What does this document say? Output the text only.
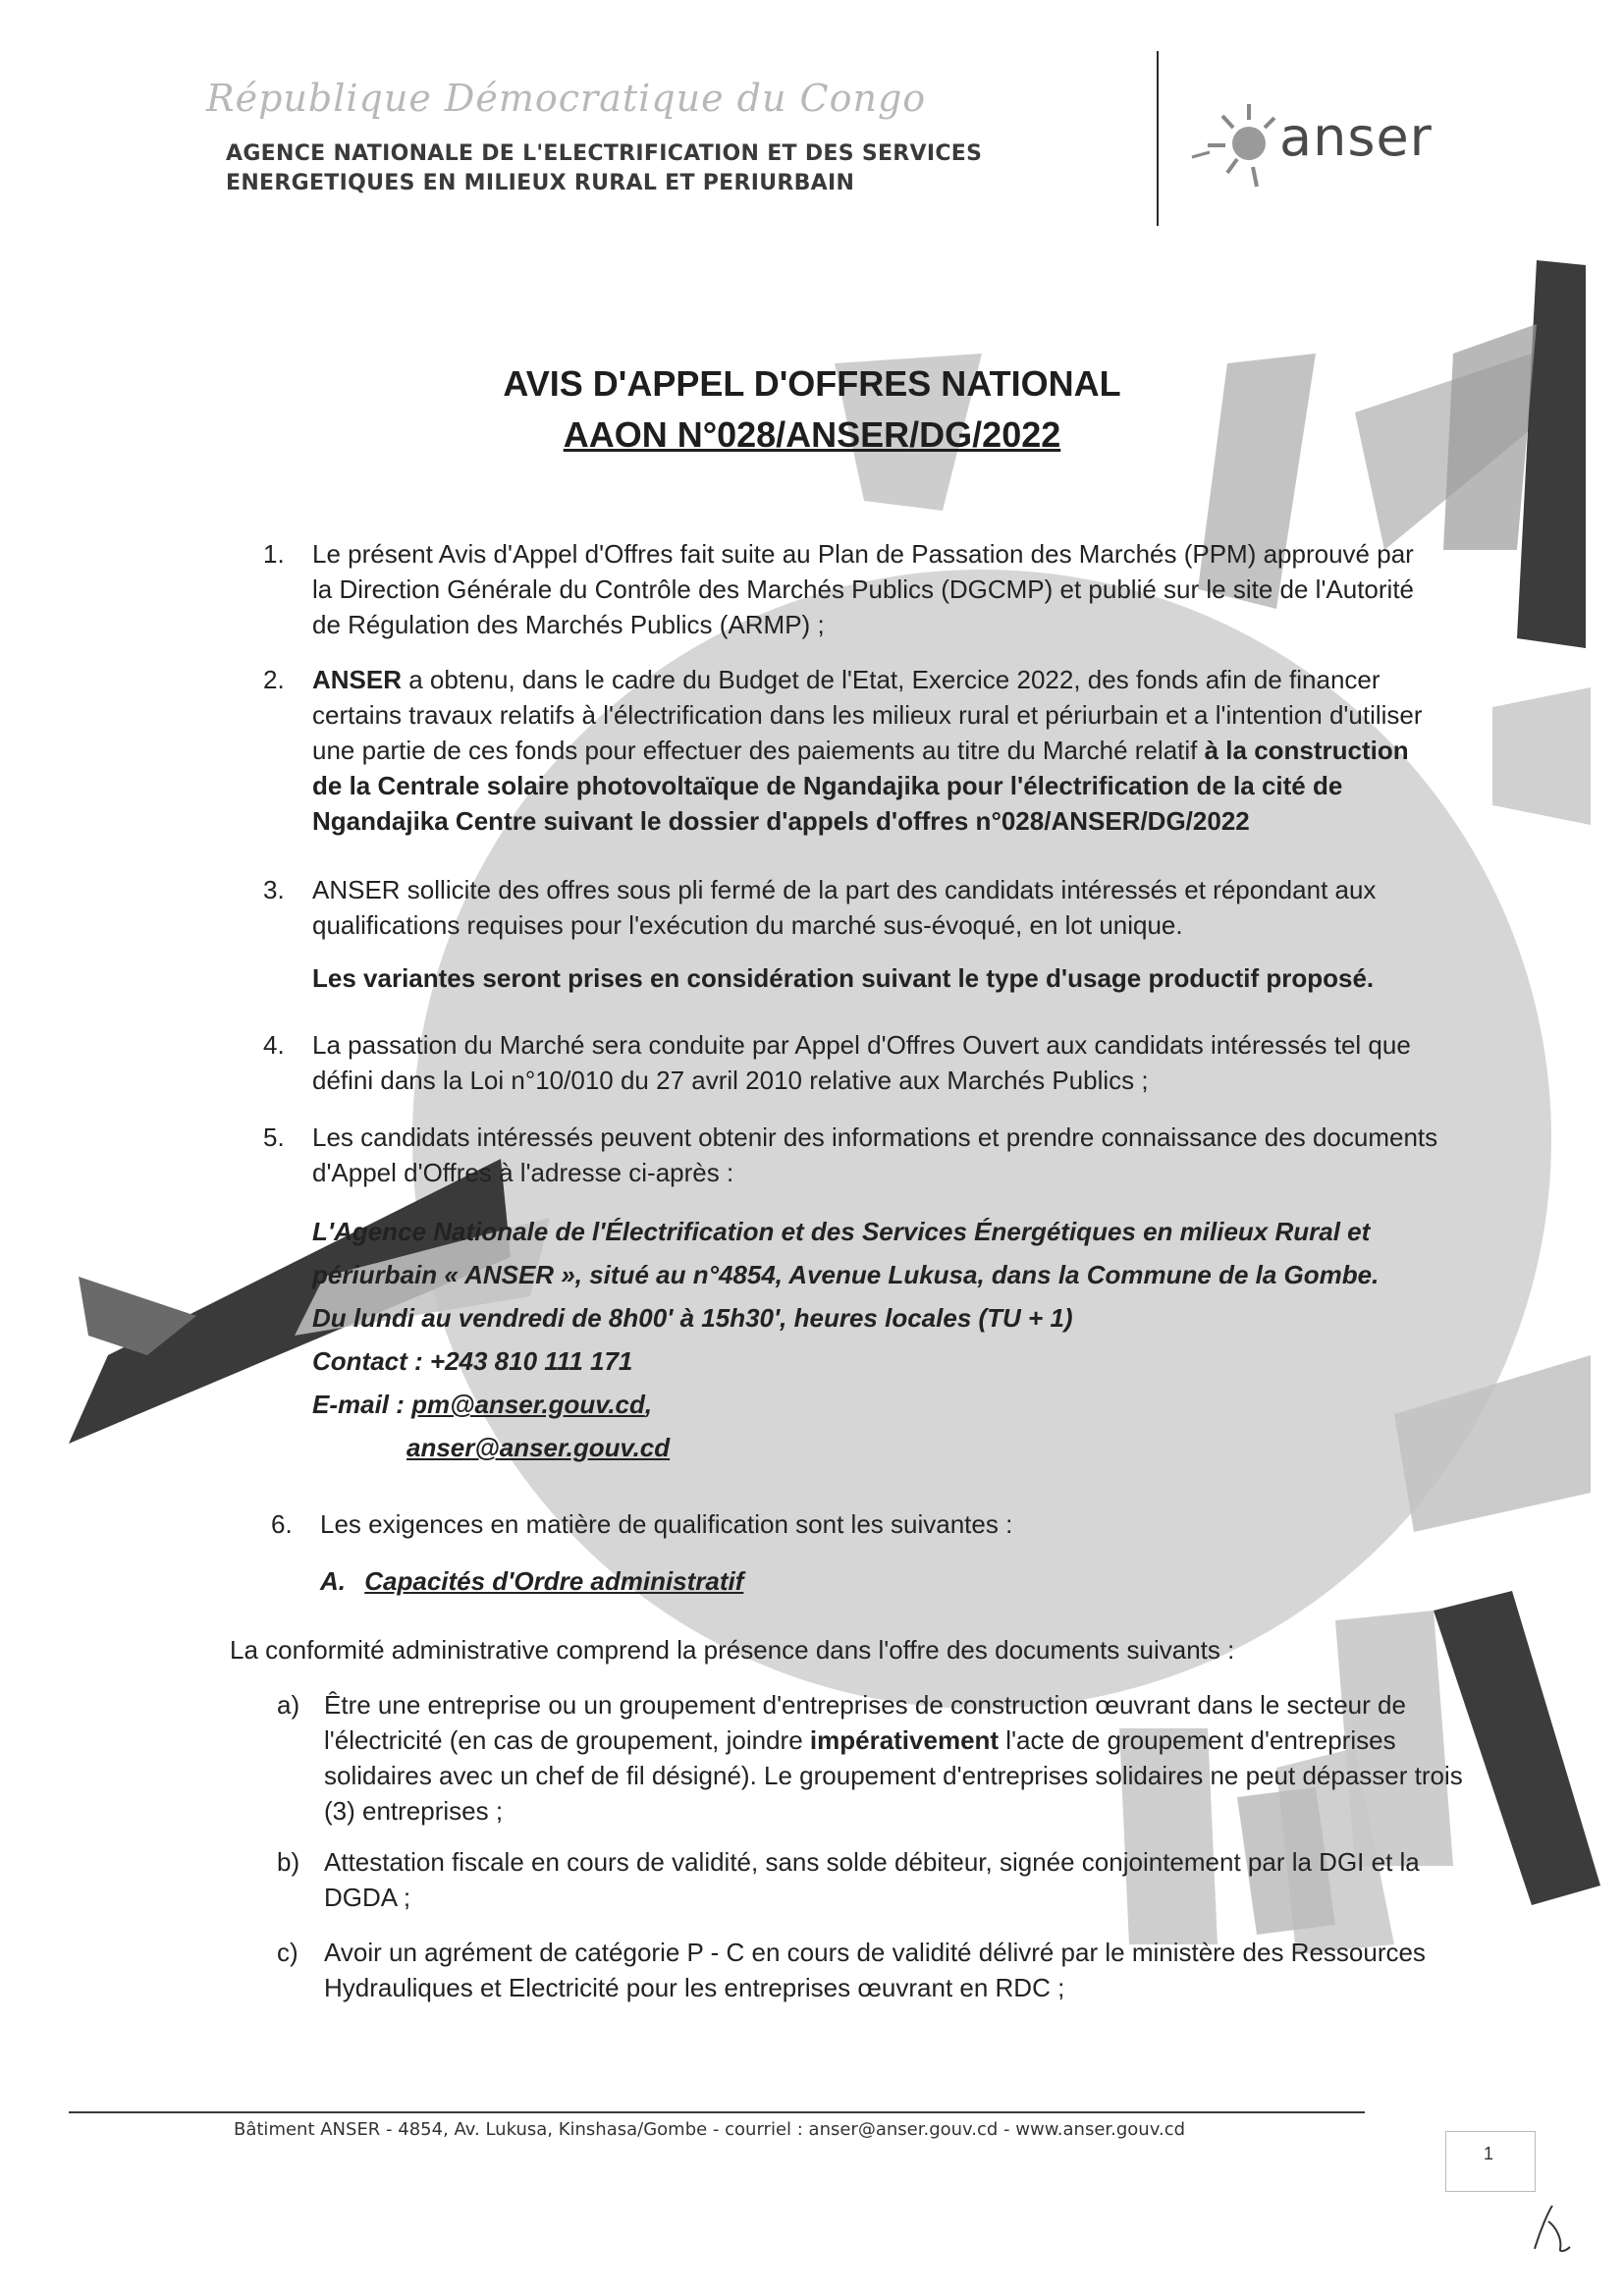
République Démocratique du Congo
AGENCE NATIONALE DE L'ELECTRIFICATION ET DES SERVICES
ENERGETIQUES EN MILIEUX RURAL ET PERIURBAIN
anser
AVIS D'APPEL D'OFFRES NATIONAL
AAON N°028/ANSER/DG/2022
1. Le présent Avis d'Appel d'Offres fait suite au Plan de Passation des Marchés (PPM) approuvé par
la Direction Générale du Contrôle des Marchés Publics (DGCMP) et publié sur le site de l'Autorité
de Régulation des Marchés Publics (ARMP) ;
2. ANSER a obtenu, dans le cadre du Budget de l'Etat, Exercice 2022, des fonds afin de financer
certains travaux relatifs à l'électrification dans les milieux rural et périurbain et a l'intention d'utiliser
une partie de ces fonds pour effectuer des paiements au titre du Marché relatif à la construction
de la Centrale solaire photovoltaïque de Ngandajika pour l'électrification de la cité de
Ngandajika Centre suivant le dossier d'appels d'offres n°028/ANSER/DG/2022
3. ANSER sollicite des offres sous pli fermé de la part des candidats intéressés et répondant aux
qualifications requises pour l'exécution du marché sus-évoqué, en lot unique.
Les variantes seront prises en considération suivant le type d'usage productif proposé.
4. La passation du Marché sera conduite par Appel d'Offres Ouvert aux candidats intéressés tel que
défini dans la Loi n°10/010 du 27 avril 2010 relative aux Marchés Publics ;
5. Les candidats intéressés peuvent obtenir des informations et prendre connaissance des documents
d'Appel d'Offres à l'adresse ci-après :
L'Agence Nationale de l'Électrification et des Services Énergétiques en milieux Rural et
périurbain « ANSER », situé au n°4854, Avenue Lukusa, dans la Commune de la Gombe.
Du lundi au vendredi de 8h00' à 15h30', heures locales (TU + 1)
Contact : +243 810 111 171
E-mail : pm@anser.gouv.cd,
anser@anser.gouv.cd
6. Les exigences en matière de qualification sont les suivantes :
A. Capacités d'Ordre administratif
La conformité administrative comprend la présence dans l'offre des documents suivants :
a) Être une entreprise ou un groupement d'entreprises de construction œuvrant dans le secteur de
l'électricité (en cas de groupement, joindre impérativement l'acte de groupement d'entreprises
solidaires avec un chef de fil désigné). Le groupement d'entreprises solidaires ne peut dépasser trois
(3) entreprises ;
b) Attestation fiscale en cours de validité, sans solde débiteur, signée conjointement par la DGI et la
DGDA ;
c) Avoir un agrément de catégorie P - C en cours de validité délivré par le ministère des Ressources
Hydrauliques et Electricité pour les entreprises œuvrant en RDC ;
Bâtiment ANSER - 4854, Av. Lukusa, Kinshasa/Gombe - courriel : anser@anser.gouv.cd - www.anser.gouv.cd
1
